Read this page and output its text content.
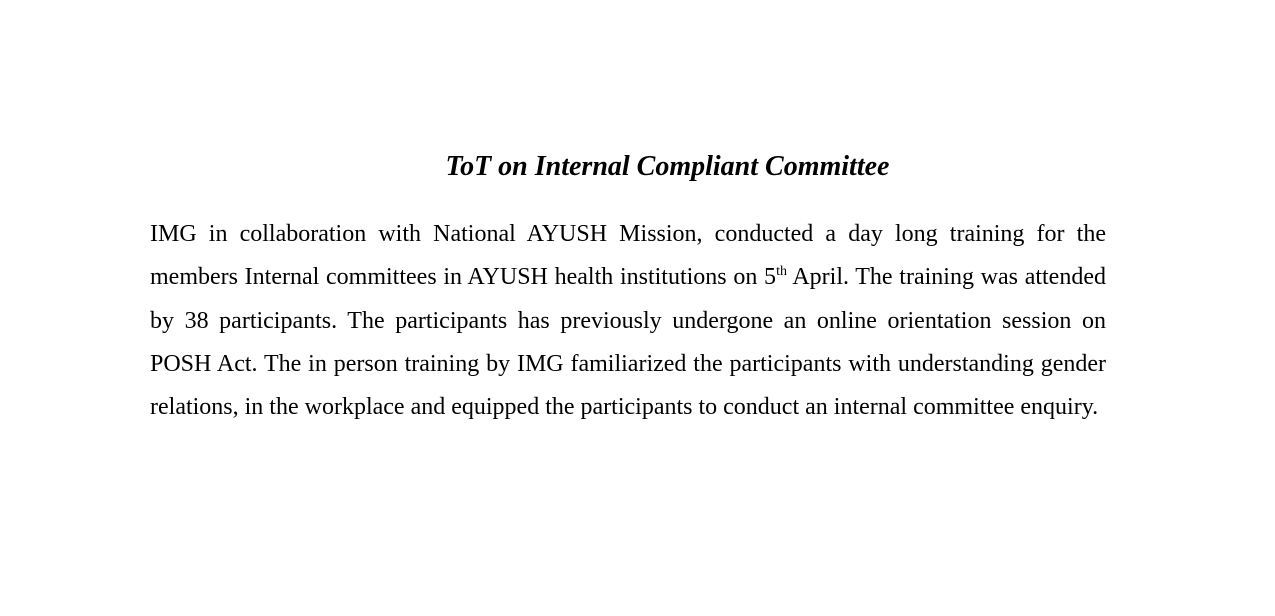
ToT on Internal Compliant Committee

IMG in collaboration with National AYUSH Mission, conducted a day long training for the members Internal committees in AYUSH health institutions on 5th April. The training was attended by 38 participants. The participants has previously undergone an online orientation session on POSH Act. The in person training by IMG familiarized the participants with understanding gender relations, in the workplace and equipped the participants to conduct an internal committee enquiry.
